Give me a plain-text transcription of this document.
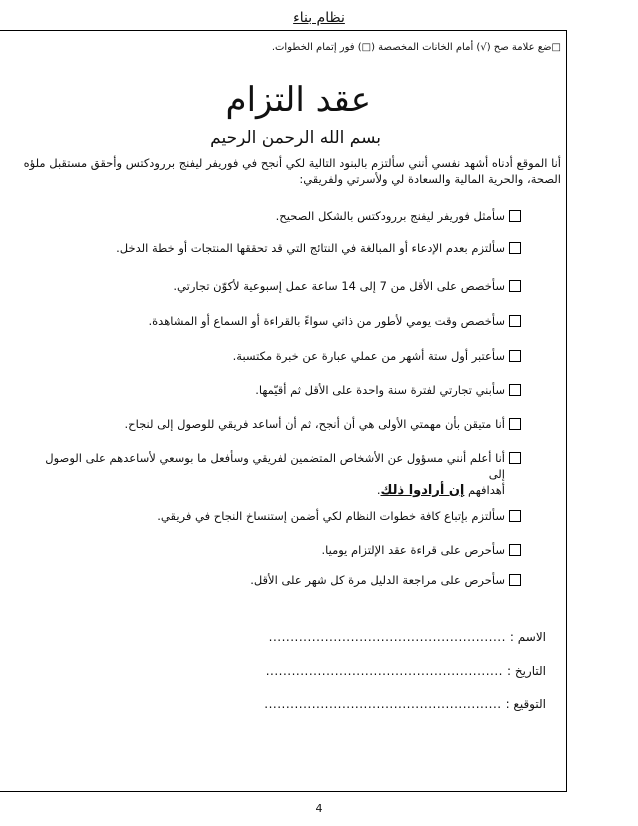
نظام بناء
□ضع علامة صح (√) أمام الخانات المخصصة (□) فور إتمام الخطوات.
عقد التزام
بسم الله الرحمن الرحيم
أنا الموقع أدناه أشهد نفسي أنني سألتزم بالبنود التالية لكي أنجح في فوريفر ليفنج بررودكتس وأحقق مستقبل ملؤه الصحة، والحرية المالية والسعادة لي ولأسرتي ولفريقي:
سأمثل فوريفر ليفنج بررودكتس بالشكل الصحيح.
سألتزم بعدم الإدعاء أو المبالغة في النتائج التي قد تحققها المنتجات أو خطة الدخل.
سأخصص على الأقل من 7 إلى 14 ساعة عمل إسبوعية لأكوّن تجارتي.
سأخصص وقت يومي لأطور من ذاتي سواءً بالقراءة أو السماع أو المشاهدة.
سأعتبر أول ستة أشهر من عملي عبارة عن خبرة مكتسبة.
سأبني تجارتي لفترة سنة واحدة على الأقل ثم أقيّمها.
أنا متيقن بأن مهمتي الأولى هي أن أنجح، ثم أن أساعد فريقي للوصول إلى لنجاح.
أنا أعلم أنني مسؤول عن الأشخاص المتضمين لفريقي وسأفعل ما بوسعي لأساعدهم على الوصول إلى
أهدافهم إن أرادوا ذلك.
سألتزم بإتباع كافة خطوات النظام لكي أضمن إستنساخ النجاح في فريقي.
سأحرص على قراءة عقد الإلتزام يوميا.
سأحرص على مراجعة الدليل مرة كل شهر على الأقل.
الاسم :
.......................................................
التاريخ :
.......................................................
التوقيع :
.......................................................
4
